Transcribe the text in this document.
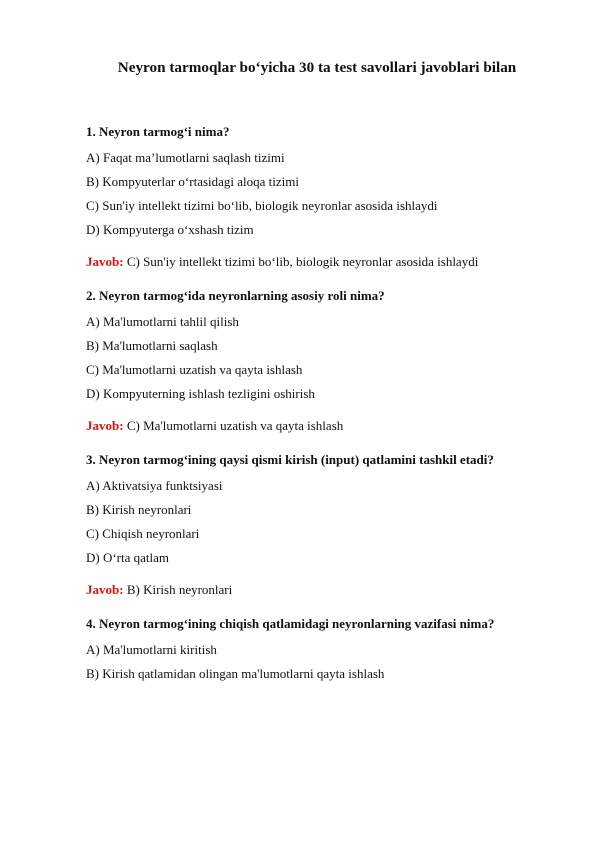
Neyron tarmoqlar bo‘yicha 30 ta test savollari javoblari bilan

1. Neyron tarmog‘i nima?

A) Faqat ma’lumotlarni saqlash tizimi
B) Kompyuterlar o‘rtasidagi aloqa tizimi
C) Sun'iy intellekt tizimi bo‘lib, biologik neyronlar asosida ishlaydi
D) Kompyuterga o‘xshash tizim

Javob: C) Sun'iy intellekt tizimi bo‘lib, biologik neyronlar asosida ishlaydi

2. Neyron tarmog‘ida neyronlarning asosiy roli nima?

A) Ma'lumotlarni tahlil qilish
B) Ma'lumotlarni saqlash
C) Ma'lumotlarni uzatish va qayta ishlash
D) Kompyuterning ishlash tezligini oshirish

Javob: C) Ma'lumotlarni uzatish va qayta ishlash

3. Neyron tarmog‘ining qaysi qismi kirish (input) qatlamini tashkil etadi?

A) Aktivatsiya funktsiyasi
B) Kirish neyronlari
C) Chiqish neyronlari
D) O‘rta qatlam

Javob: B) Kirish neyronlari

4. Neyron tarmog‘ining chiqish qatlamidagi neyronlarning vazifasi nima?

A) Ma'lumotlarni kiritish
B) Kirish qatlamidan olingan ma'lumotlarni qayta ishlash
